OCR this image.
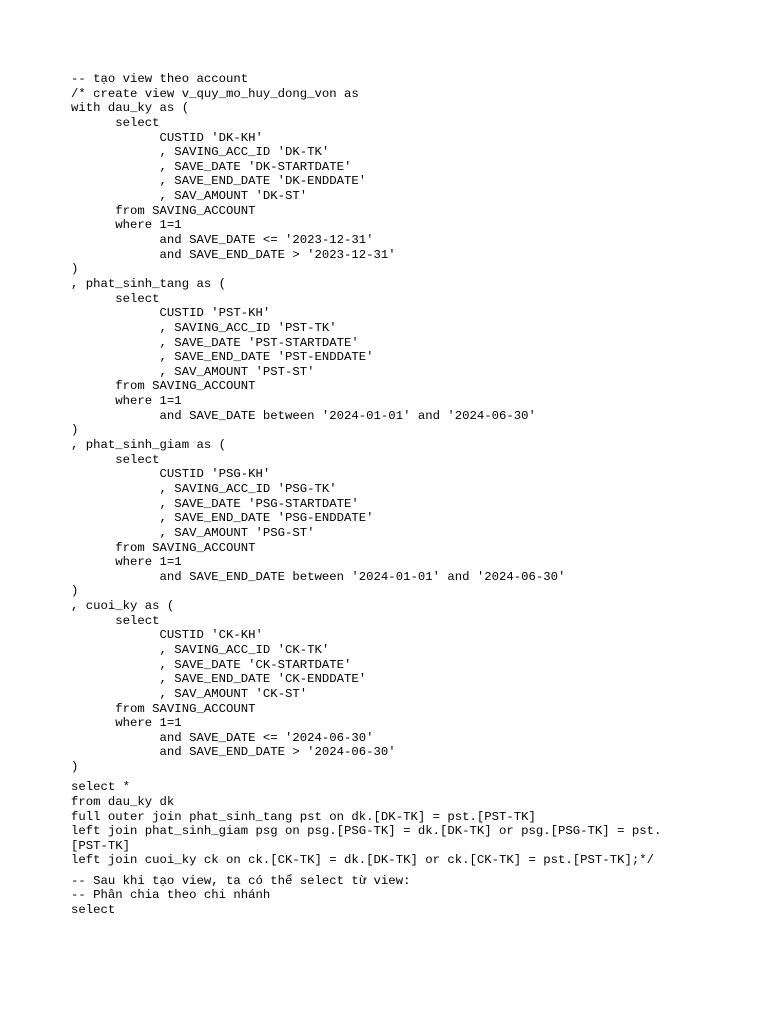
-- tạo view theo account
/* create view v_quy_mo_huy_dong_von as
with dau_ky as (
select
CUSTID 'DK-KH'
, SAVING_ACC_ID 'DK-TK'
, SAVE_DATE 'DK-STARTDATE'
, SAVE_END_DATE 'DK-ENDDATE'
, SAV_AMOUNT 'DK-ST'
from SAVING_ACCOUNT
where 1=1
and SAVE_DATE <= '2023-12-31'
and SAVE_END_DATE > '2023-12-31'
)
, phat_sinh_tang as (
select
CUSTID 'PST-KH'
, SAVING_ACC_ID 'PST-TK'
, SAVE_DATE 'PST-STARTDATE'
, SAVE_END_DATE 'PST-ENDDATE'
, SAV_AMOUNT 'PST-ST'
from SAVING_ACCOUNT
where 1=1
and SAVE_DATE between '2024-01-01' and '2024-06-30'
)
, phat_sinh_giam as (
select
CUSTID 'PSG-KH'
, SAVING_ACC_ID 'PSG-TK'
, SAVE_DATE 'PSG-STARTDATE'
, SAVE_END_DATE 'PSG-ENDDATE'
, SAV_AMOUNT 'PSG-ST'
from SAVING_ACCOUNT
where 1=1
and SAVE_END_DATE between '2024-01-01' and '2024-06-30'
)
, cuoi_ky as (
select
CUSTID 'CK-KH'
, SAVING_ACC_ID 'CK-TK'
, SAVE_DATE 'CK-STARTDATE'
, SAVE_END_DATE 'CK-ENDDATE'
, SAV_AMOUNT 'CK-ST'
from SAVING_ACCOUNT
where 1=1
and SAVE_DATE <= '2024-06-30'
and SAVE_END_DATE > '2024-06-30'
)
select *
from dau_ky dk
full outer join phat_sinh_tang pst on dk.[DK-TK] = pst.[PST-TK]
left join phat_sinh_giam psg on psg.[PSG-TK] = dk.[DK-TK] or psg.[PSG-TK] = pst.
[PST-TK]
left join cuoi_ky ck on ck.[CK-TK] = dk.[DK-TK] or ck.[CK-TK] = pst.[PST-TK];*/
-- Sau khi tạo view, ta có thể select từ view:
-- Phân chia theo chi nhánh
select
